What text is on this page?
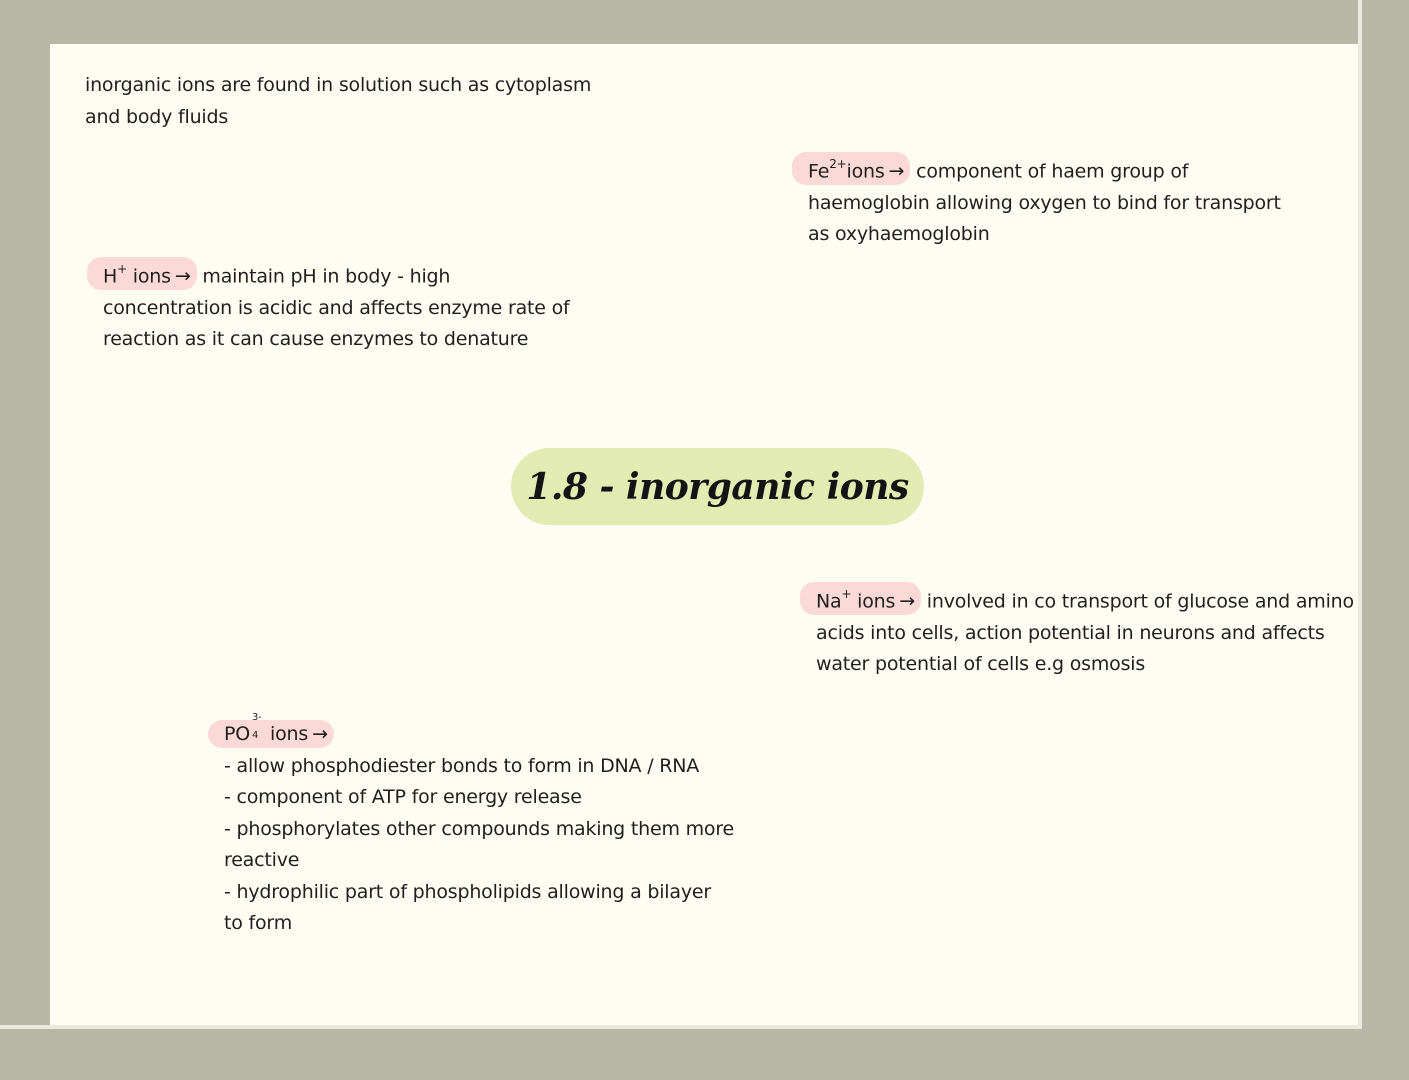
inorganic ions are found in solution such as cytoplasm
and body fluids
$Fe^{2+}ions$ → component of haem group of
haemoglobin allowing oxygen to bind for transport
as oxyhaemoglobin
H+ ions → maintain pH in body - high
concentration is acidic and affects enzyme rate of
reaction as it can cause enzymes to denature
1.8 - inorganic ions
Na+ ions → involved in co transport of glucose and amino
acids into cells, action potential in neurons and affects
water potential of cells e.g osmosis
PO
3-
4 ions →
- allow phosphodiester bonds to form in DNA / RNA
- component of ATP for energy release
- phosphorylates other compounds making them more
reactive
- hydrophilic part of phospholipids allowing a bilayer
to form
